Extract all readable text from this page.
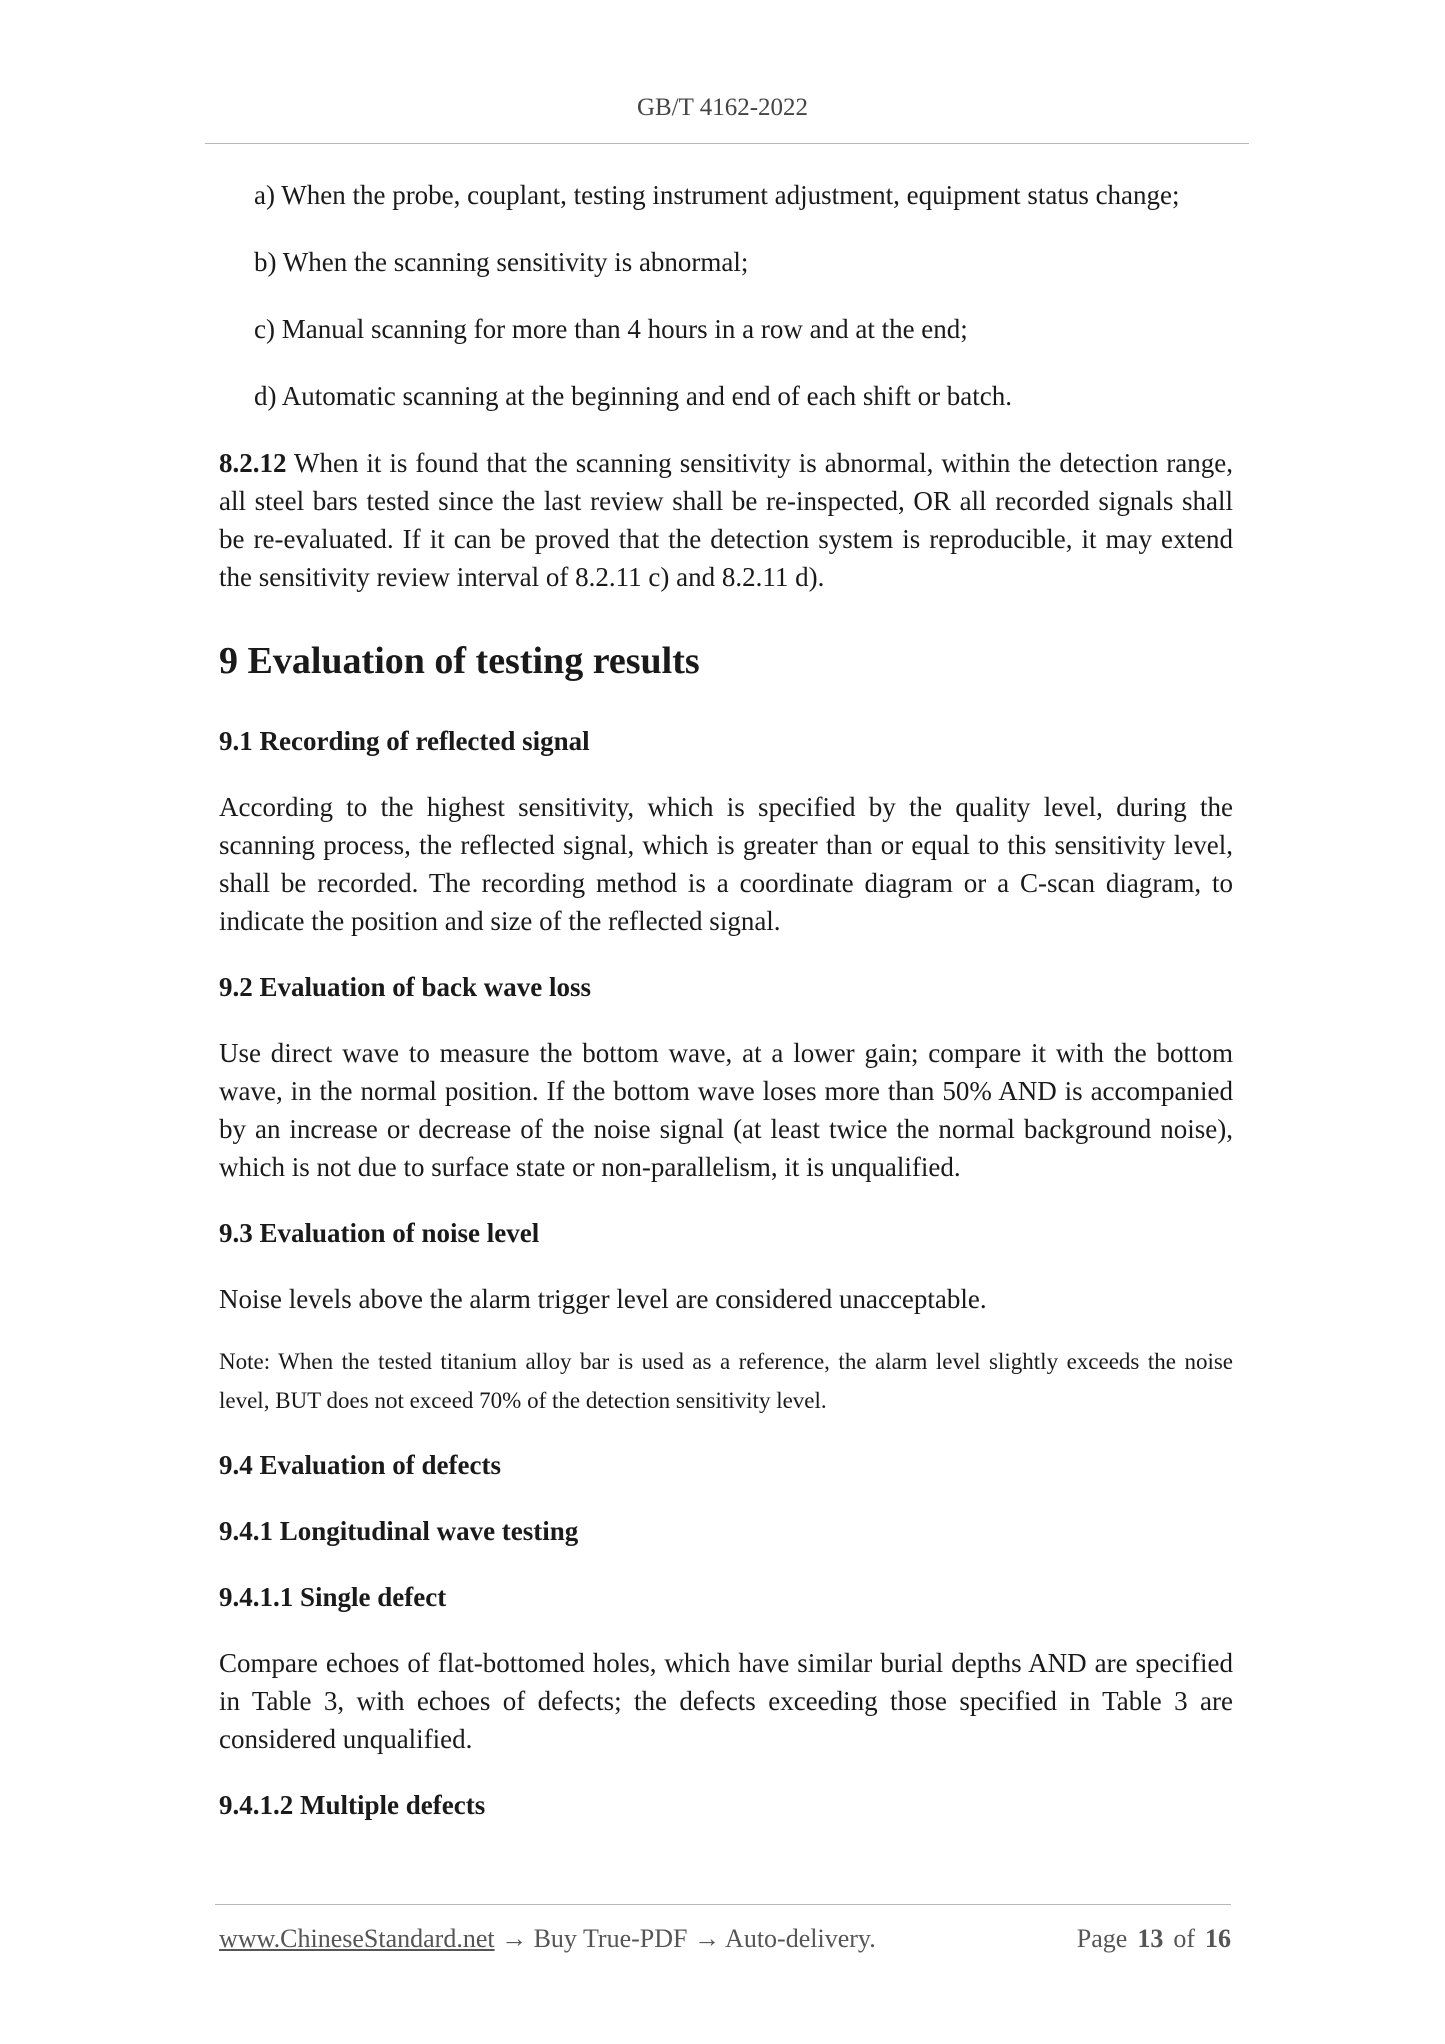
GB/T 4162-2022
a) When the probe, couplant, testing instrument adjustment, equipment status change;
b) When the scanning sensitivity is abnormal;
c) Manual scanning for more than 4 hours in a row and at the end;
d) Automatic scanning at the beginning and end of each shift or batch.

8.2.12 When it is found that the scanning sensitivity is abnormal, within the detection range, all steel bars tested since the last review shall be re-inspected, OR all recorded signals shall be re-evaluated. If it can be proved that the detection system is reproducible, it may extend the sensitivity review interval of 8.2.11 c) and 8.2.11 d).

9 Evaluation of testing results
9.1 Recording of reflected signal

According to the highest sensitivity, which is specified by the quality level, during the scanning process, the reflected signal, which is greater than or equal to this sensitivity level, shall be recorded. The recording method is a coordinate diagram or a C-scan diagram, to indicate the position and size of the reflected signal.

9.2 Evaluation of back wave loss

Use direct wave to measure the bottom wave, at a lower gain; compare it with the bottom wave, in the normal position. If the bottom wave loses more than 50% AND is accompanied by an increase or decrease of the noise signal (at least twice the normal background noise), which is not due to surface state or non-parallelism, it is unqualified.

9.3 Evaluation of noise level

Noise levels above the alarm trigger level are considered unacceptable.

Note: When the tested titanium alloy bar is used as a reference, the alarm level slightly exceeds the noise level, BUT does not exceed 70% of the detection sensitivity level.

9.4 Evaluation of defects
9.4.1 Longitudinal wave testing
9.4.1.1 Single defect

Compare echoes of flat-bottomed holes, which have similar burial depths AND are specified in Table 3, with echoes of defects; the defects exceeding those specified in Table 3 are considered unqualified.

9.4.1.2 Multiple defects
www.ChineseStandard.net → Buy True-PDF → Auto-delivery.	Page 13 of 16
